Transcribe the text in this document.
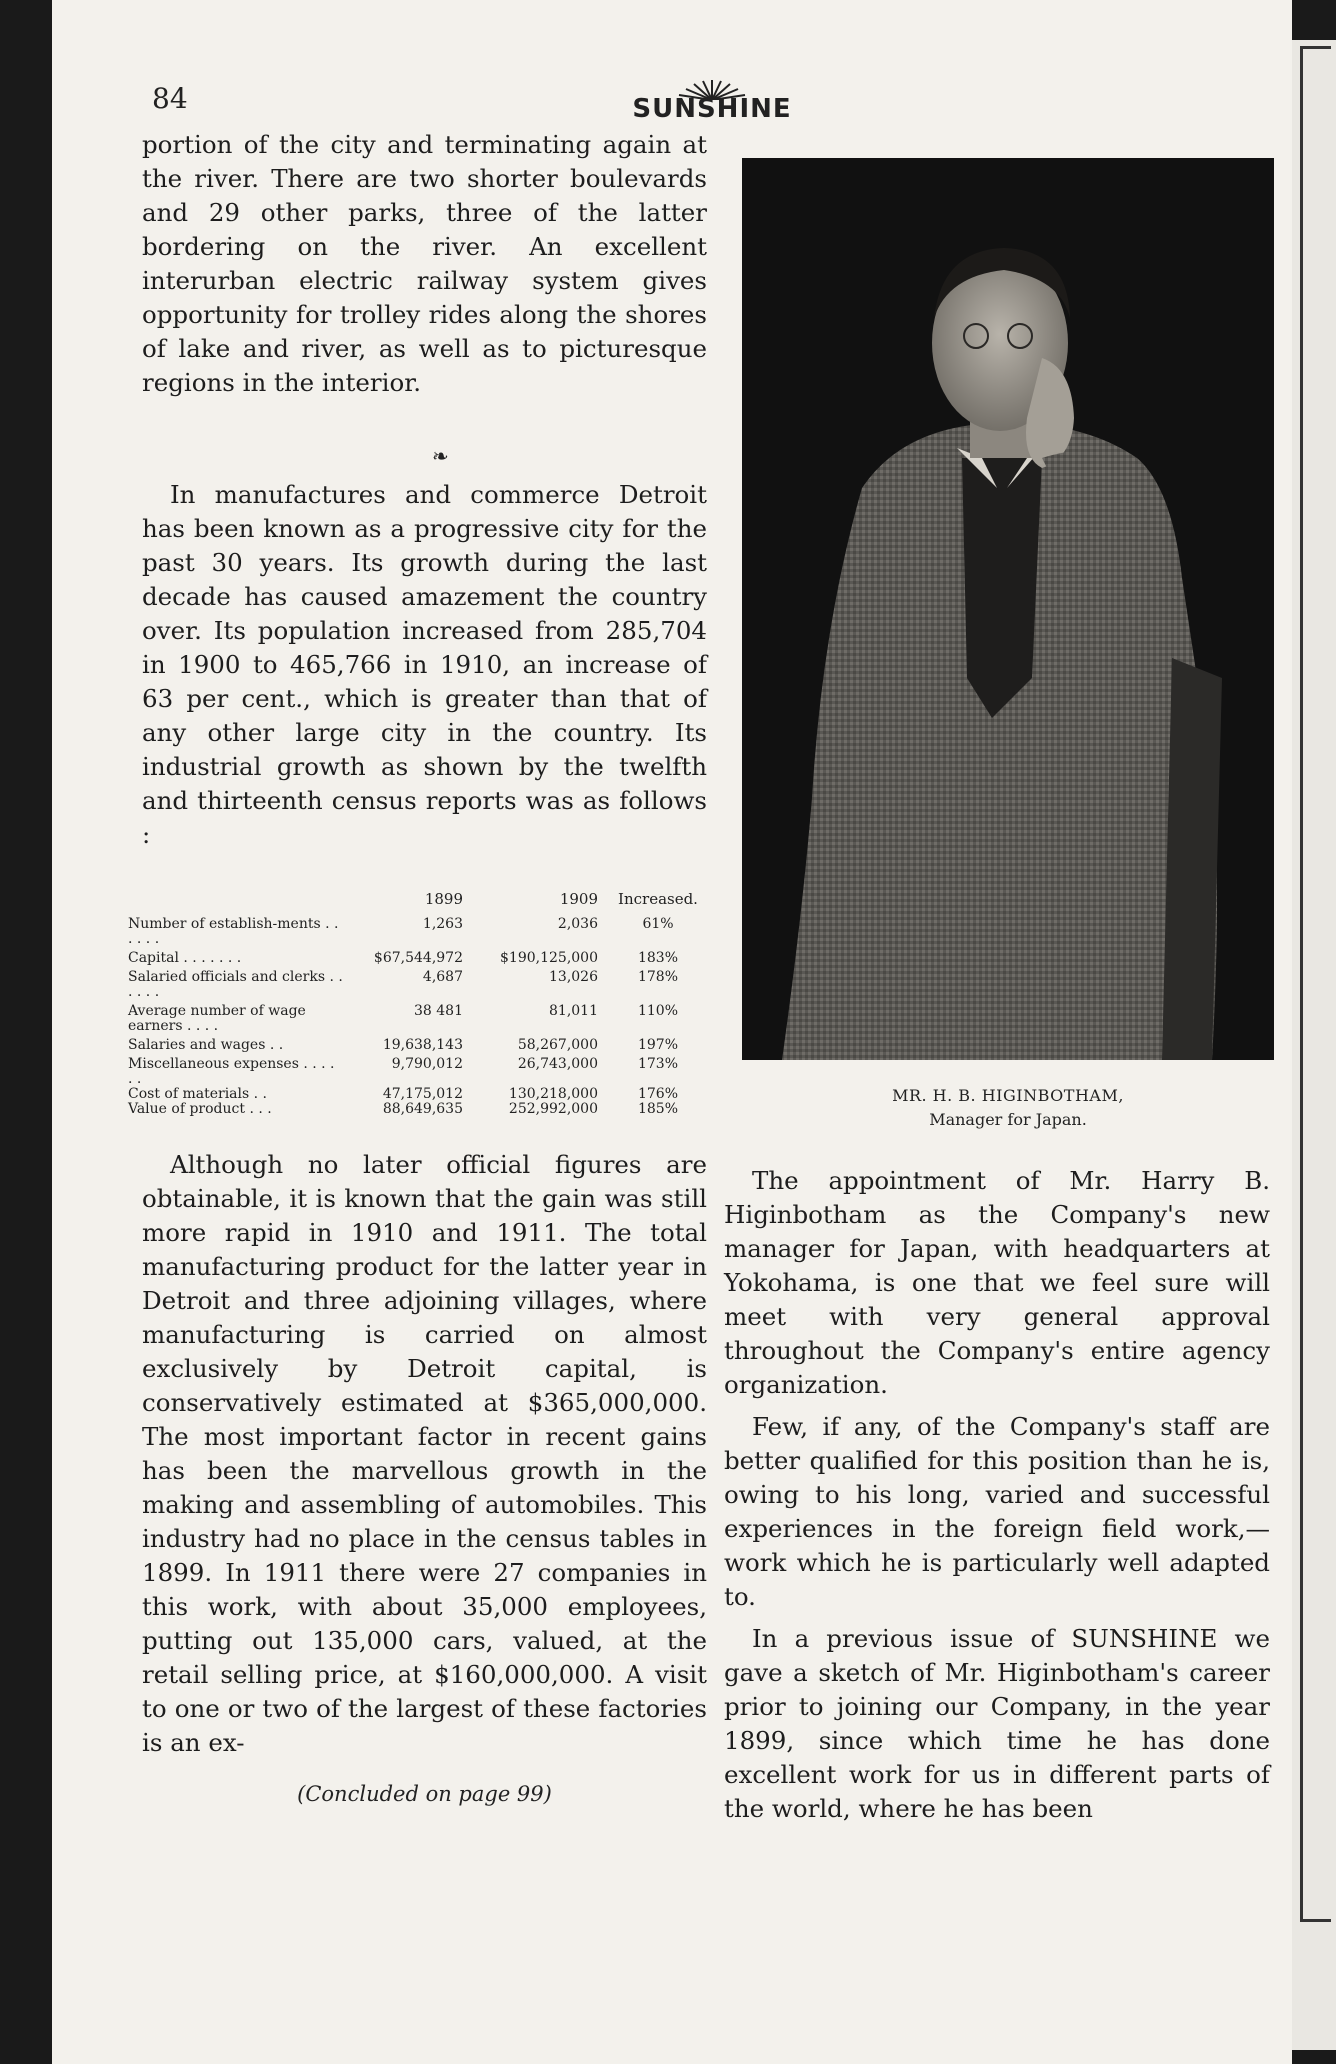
84	SUNSHINE

portion of the city and terminating again at the river. There are two shorter boulevards and 29 other parks, three of the latter bordering on the river. An excellent interurban electric railway system gives opportunity for trolley rides along the shores of lake and river, as well as to picturesque regions in the interior.

❧

In manufactures and commerce Detroit has been known as a progressive city for the past 30 years. Its growth during the last decade has caused amazement the country over. Its population increased from 285,704 in 1900 to 465,766 in 1910, an increase of 63 per cent., which is greater than that of any other large city in the country. Its industrial growth as shown by the twelfth and thirteenth census reports was as follows :

	1899	1909	Increased.
Number of establish-ments . . . . . .	1,263	2,036	61%
Capital . . . . . . .	$67,544,972	$190,125,000	183%
Salaried officials and clerks . . . . . .	4,687	13,026	178%
Average number of wage earners . . . .	38 481	81,011	110%
Salaries and wages . .	19,638,143	58,267,000	197%
Miscellaneous expenses . . . . . .	9,790,012	26,743,000	173%
Cost of materials . .	47,175,012	130,218,000	176%
Value of product . . .	88,649,635	252,992,000	185%

Although no later official figures are obtainable, it is known that the gain was still more rapid in 1910 and 1911. The total manufacturing product for the latter year in Detroit and three adjoining villages, where manufacturing is carried on almost exclusively by Detroit capital, is conservatively estimated at $365,000,000. The most important factor in recent gains has been the marvellous growth in the making and assembling of automobiles. This industry had no place in the census tables in 1899. In 1911 there were 27 companies in this work, with about 35,000 employees, putting out 135,000 cars, valued, at the retail selling price, at $160,000,000. A visit to one or two of the largest of these factories is an ex-

(Concluded on page 99)
MR. H. B. HIGINBOTHAM,
Manager for Japan.

The appointment of Mr. Harry B. Higinbotham as the Company's new manager for Japan, with headquarters at Yokohama, is one that we feel sure will meet with very general approval throughout the Company's entire agency organization.

Few, if any, of the Company's staff are better qualified for this position than he is, owing to his long, varied and successful experiences in the foreign field work,—work which he is particularly well adapted to.

In a previous issue of SUNSHINE we gave a sketch of Mr. Higinbotham's career prior to joining our Company, in the year 1899, since which time he has done excellent work for us in different parts of the world, where he has been
